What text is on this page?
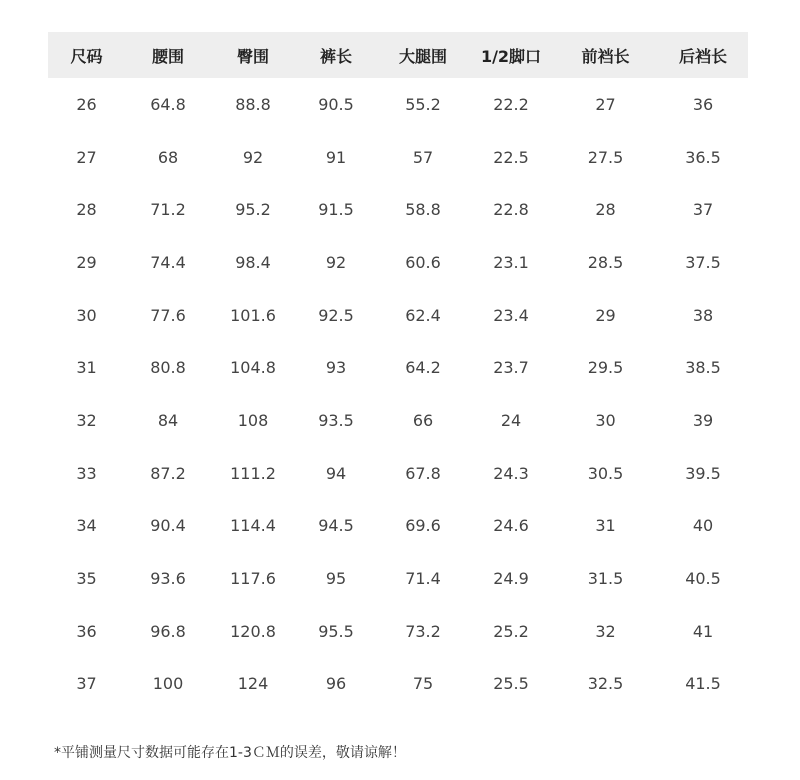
尺码	腰围	臀围	裤长	大腿围	1/2脚口	前裆长	后裆长
26	64.8	88.8	90.5	55.2	22.2	27	36
27	68	92	91	57	22.5	27.5	36.5
28	71.2	95.2	91.5	58.8	22.8	28	37
29	74.4	98.4	92	60.6	23.1	28.5	37.5
30	77.6	101.6	92.5	62.4	23.4	29	38
31	80.8	104.8	93	64.2	23.7	29.5	38.5
32	84	108	93.5	66	24	30	39
33	87.2	111.2	94	67.8	24.3	30.5	39.5
34	90.4	114.4	94.5	69.6	24.6	31	40
35	93.6	117.6	95	71.4	24.9	31.5	40.5
36	96.8	120.8	95.5	73.2	25.2	32	41
37	100	124	96	75	25.5	32.5	41.5
*平铺测量尺寸数据可能存在1-3ＣＭ的误差，敬请谅解！
